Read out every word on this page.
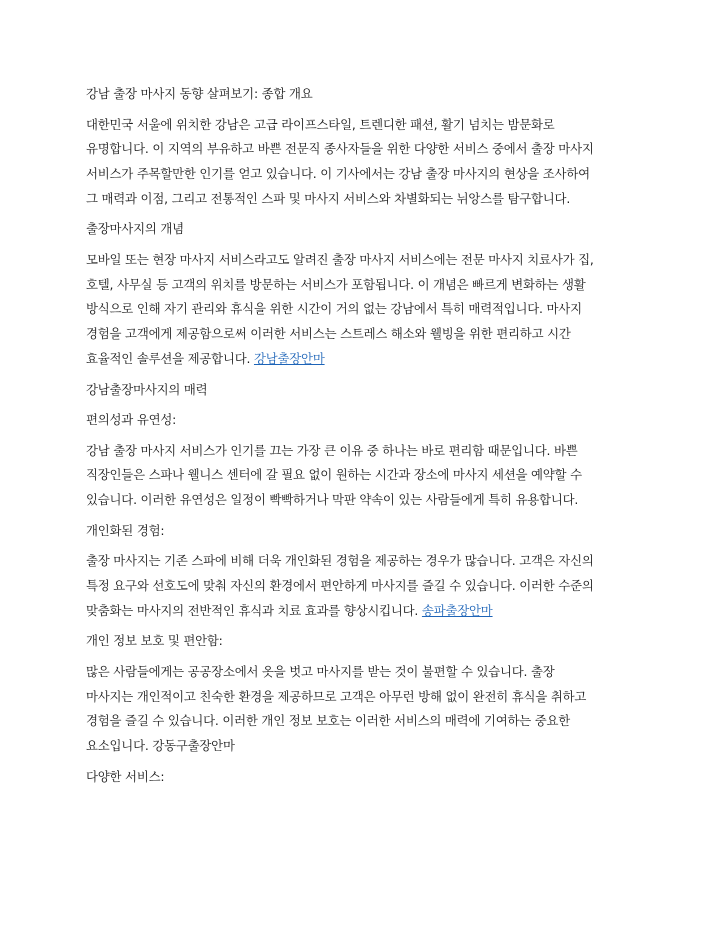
강남 출장 마사지 동향 살펴보기: 종합 개요
대한민국 서울에 위치한 강남은 고급 라이프스타일, 트렌디한 패션, 활기 넘치는 밤문화로
유명합니다. 이 지역의 부유하고 바쁜 전문직 종사자들을 위한 다양한 서비스 중에서 출장 마사지
서비스가 주목할만한 인기를 얻고 있습니다. 이 기사에서는 강남 출장 마사지의 현상을 조사하여
그 매력과 이점, 그리고 전통적인 스파 및 마사지 서비스와 차별화되는 뉘앙스를 탐구합니다.
출장마사지의 개념
모바일 또는 현장 마사지 서비스라고도 알려진 출장 마사지 서비스에는 전문 마사지 치료사가 집,
호텔, 사무실 등 고객의 위치를 방문하는 서비스가 포함됩니다. 이 개념은 빠르게 변화하는 생활
방식으로 인해 자기 관리와 휴식을 위한 시간이 거의 없는 강남에서 특히 매력적입니다. 마사지
경험을 고객에게 제공함으로써 이러한 서비스는 스트레스 해소와 웰빙을 위한 편리하고 시간
효율적인 솔루션을 제공합니다. 강남출장안마
강남출장마사지의 매력
편의성과 유연성:
강남 출장 마사지 서비스가 인기를 끄는 가장 큰 이유 중 하나는 바로 편리함 때문입니다. 바쁜
직장인들은 스파나 웰니스 센터에 갈 필요 없이 원하는 시간과 장소에 마사지 세션을 예약할 수
있습니다. 이러한 유연성은 일정이 빡빡하거나 막판 약속이 있는 사람들에게 특히 유용합니다.
개인화된 경험:
출장 마사지는 기존 스파에 비해 더욱 개인화된 경험을 제공하는 경우가 많습니다. 고객은 자신의
특정 요구와 선호도에 맞춰 자신의 환경에서 편안하게 마사지를 즐길 수 있습니다. 이러한 수준의
맞춤화는 마사지의 전반적인 휴식과 치료 효과를 향상시킵니다. 송파출장안마
개인 정보 보호 및 편안함:
많은 사람들에게는 공공장소에서 옷을 벗고 마사지를 받는 것이 불편할 수 있습니다. 출장
마사지는 개인적이고 친숙한 환경을 제공하므로 고객은 아무런 방해 없이 완전히 휴식을 취하고
경험을 즐길 수 있습니다. 이러한 개인 정보 보호는 이러한 서비스의 매력에 기여하는 중요한
요소입니다. 강동구출장안마
다양한 서비스:
